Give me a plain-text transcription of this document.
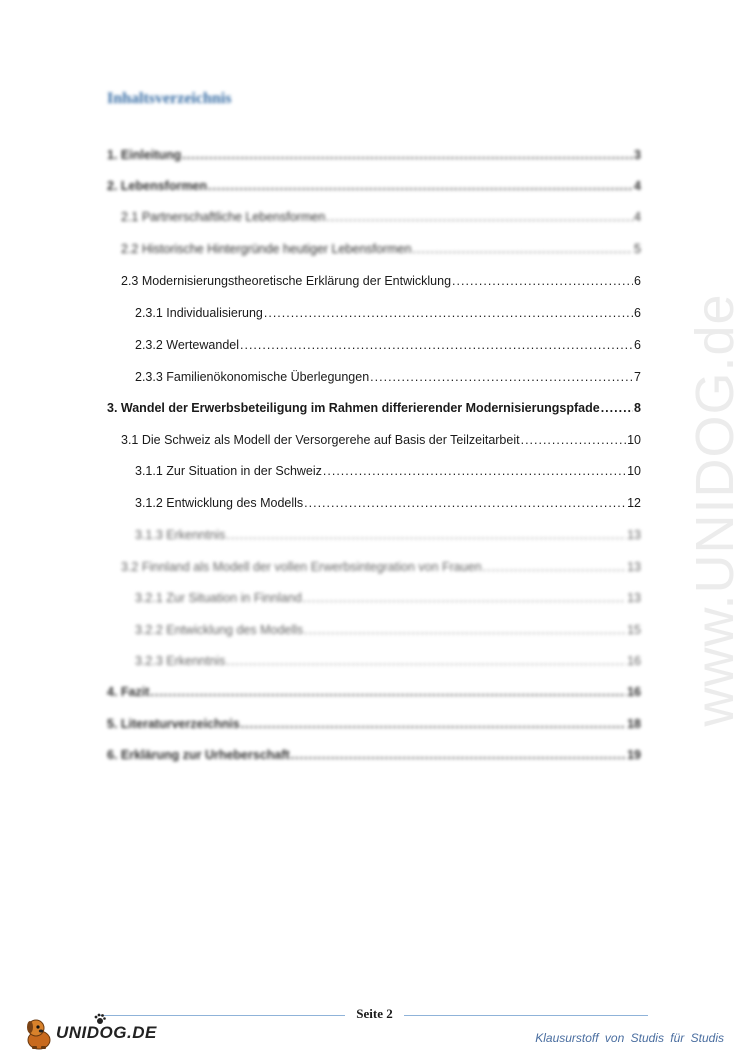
Inhaltsverzeichnis
1. Einleitung .....	3
2. Lebensformen .....	4
2.1 Partnerschaftliche Lebensformen .....	4
2.2 Historische Hintergründe heutiger Lebensformen .....	5
2.3 Modernisierungstheoretische Erklärung der Entwicklung .....	6
2.3.1 Individualisierung .....	6
2.3.2 Wertewandel .....	6
2.3.3 Familienökonomische Überlegungen .....	7
3. Wandel der Erwerbsbeteiligung im Rahmen differierender Modernisierungspfade .....	8
3.1 Die Schweiz als Modell der Versorgerehe auf Basis der Teilzeitarbeit .....	10
3.1.1 Zur Situation in der Schweiz .....	10
3.1.2 Entwicklung des Modells .....	12
3.1.3 Erkenntnis .....	13
3.2 Finnland als Modell der vollen Erwerbsintegration von Frauen .....	13
3.2.1 Zur Situation in Finnland .....	13
3.2.2 Entwicklung des Modells .....	15
3.2.3 Erkenntnis .....	16
4. Fazit .....	16
5. Literaturverzeichnis .....	18
6. Erklärung zur Urheberschaft .....	19
www.UNIDOG.de
Seite 2
UNIDOG.DE	Klausurstoff von Studis für Studis
